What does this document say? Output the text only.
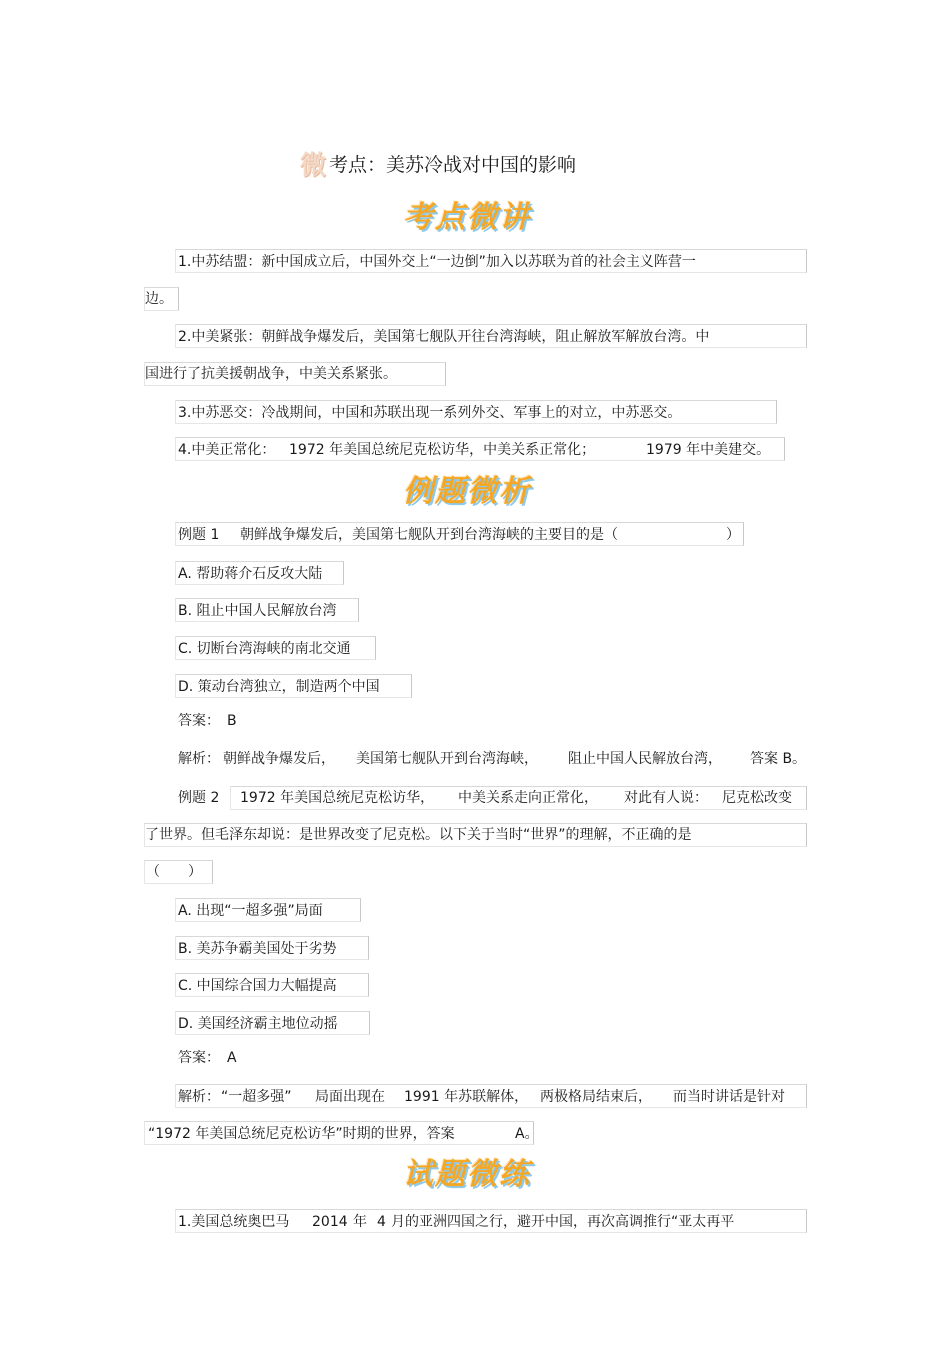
微 考点：美苏冷战对中国的影响
考点微讲
1.中苏结盟：新中国成立后，中国外交上“一边倒”加入以苏联为首的社会主义阵营一
边。
2.中美紧张：朝鲜战争爆发后，美国第七舰队开往台湾海峡，阻止解放军解放台湾。中
国进行了抗美援朝战争，中美关系紧张。
3.中苏恶交：冷战期间，中国和苏联出现一系列外交、军事上的对立，中苏恶交。
4.中美正常化： 1972 年美国总统尼克松访华，中美关系正常化；	1979 年中美建交。
例题微析
例题 1 朝鲜战争爆发后，美国第七舰队开到台湾海峡的主要目的是（	）
A. 帮助蒋介石反攻大陆
B. 阻止中国人民解放台湾
C. 切断台湾海峡的南北交通
D. 策动台湾独立，制造两个中国
答案： B
解析： 朝鲜战争爆发后， 美国第七舰队开到台湾海峡， 阻止中国人民解放台湾， 答案 B。
例题 2 1972 年美国总统尼克松访华， 中美关系走向正常化， 对此有人说： 尼克松改变
了世界。但毛泽东却说：是世界改变了尼克松。以下关于当时“世界”的理解，不正确的是
（　　）
A. 出现“一超多强”局面
B. 美苏争霸美国处于劣势
C. 中国综合国力大幅提高
D. 美国经济霸主地位动摇
答案： A
解析： “一超多强” 局面出现在 1991 年苏联解体， 两极格局结束后， 而当时讲话是针对
“1972 年美国总统尼克松访华”时期的世界，答案	A。
试题微练
1.美国总统奥巴马 2014 年 4 月的亚洲四国之行，避开中国，再次高调推行“亚太再平
